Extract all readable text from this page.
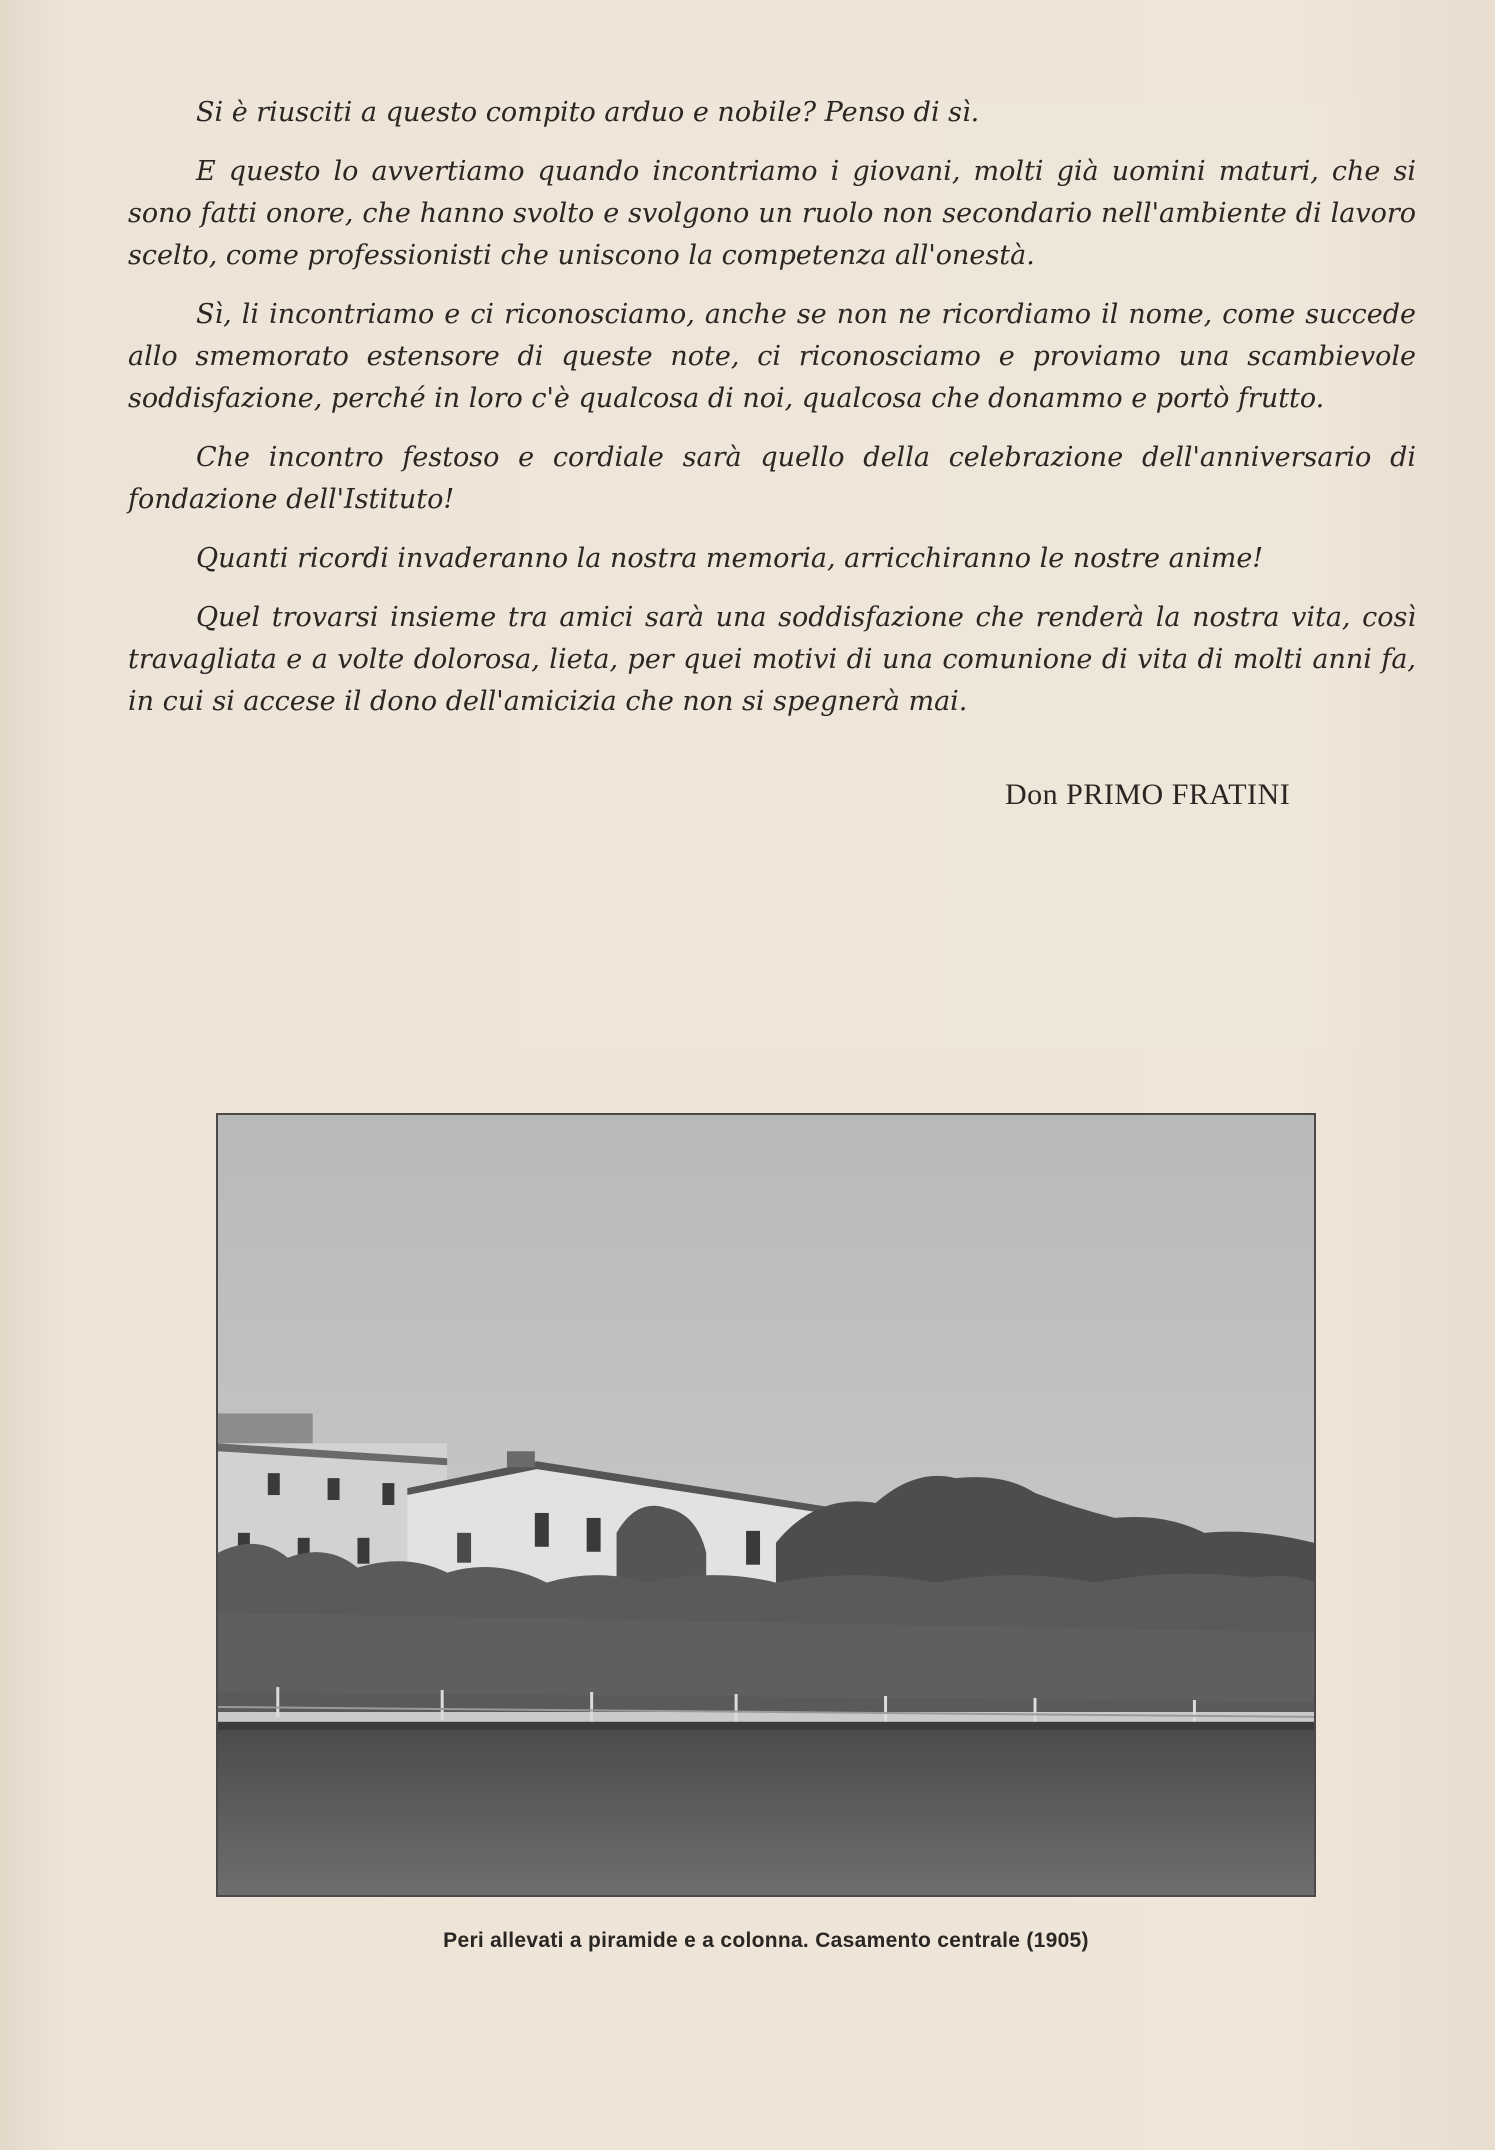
Si è riusciti a questo compito arduo e nobile? Penso di sì.

E questo lo avvertiamo quando incontriamo i giovani, molti già uomini maturi, che si sono fatti onore, che hanno svolto e svolgono un ruolo non secondario nell'ambiente di lavoro scelto, come professionisti che uniscono la competenza all'onestà.

Sì, li incontriamo e ci riconosciamo, anche se non ne ricordiamo il nome, come succede allo smemorato estensore di queste note, ci riconosciamo e proviamo una scambievole soddisfazione, perché in loro c'è qualcosa di noi, qualcosa che donammo e portò frutto.

Che incontro festoso e cordiale sarà quello della celebrazione dell'anniversario di fondazione dell'Istituto!

Quanti ricordi invaderanno la nostra memoria, arricchiranno le nostre anime!

Quel trovarsi insieme tra amici sarà una soddisfazione che renderà la nostra vita, così travagliata e a volte dolorosa, lieta, per quei motivi di una comunione di vita di molti anni fa, in cui si accese il dono dell'amicizia che non si spegnerà mai.

Don PRIMO FRATINI
Peri allevati a piramide e a colonna. Casamento centrale (1905)
